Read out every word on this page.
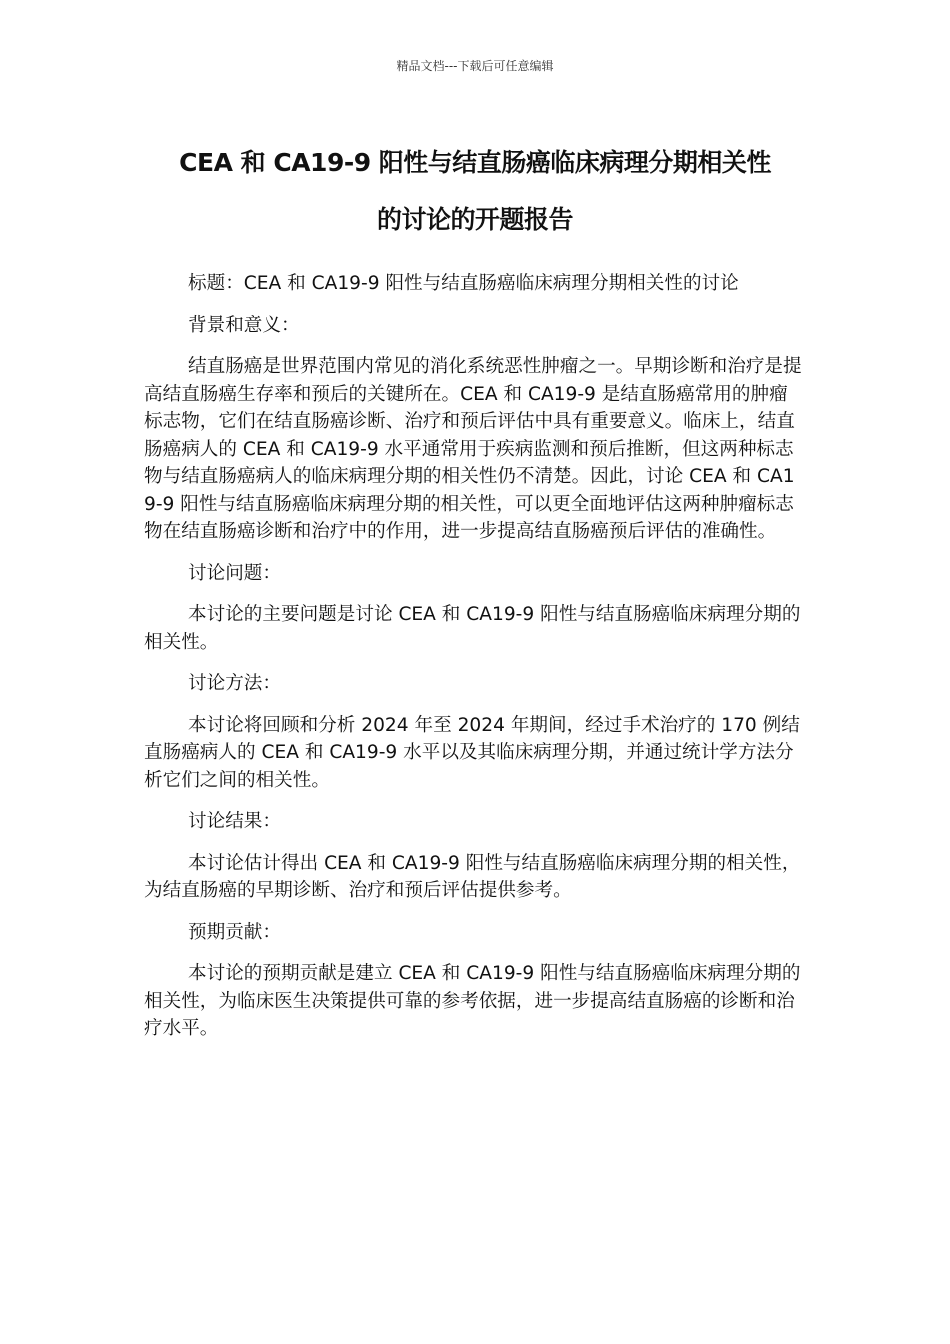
精品文档---下载后可任意编辑
CEA 和 CA19-9 阳性与结直肠癌临床病理分期相关性
的讨论的开题报告

标题：CEA 和 CA19-9 阳性与结直肠癌临床病理分期相关性的讨论

背景和意义：

结直肠癌是世界范围内常见的消化系统恶性肿瘤之一。早期诊断和治疗是提高结直肠癌生存率和预后的关键所在。CEA 和 CA19-9 是结直肠癌常用的肿瘤标志物，它们在结直肠癌诊断、治疗和预后评估中具有重要意义。临床上，结直肠癌病人的 CEA 和 CA19-9 水平通常用于疾病监测和预后推断，但这两种标志物与结直肠癌病人的临床病理分期的相关性仍不清楚。因此，讨论 CEA 和 CA19-9 阳性与结直肠癌临床病理分期的相关性，可以更全面地评估这两种肿瘤标志物在结直肠癌诊断和治疗中的作用，进一步提高结直肠癌预后评估的准确性。

讨论问题：

本讨论的主要问题是讨论 CEA 和 CA19-9 阳性与结直肠癌临床病理分期的相关性。

讨论方法：

本讨论将回顾和分析 2024 年至 2024 年期间，经过手术治疗的 170 例结直肠癌病人的 CEA 和 CA19-9 水平以及其临床病理分期，并通过统计学方法分析它们之间的相关性。

讨论结果：

本讨论估计得出 CEA 和 CA19-9 阳性与结直肠癌临床病理分期的相关性，为结直肠癌的早期诊断、治疗和预后评估提供参考。

预期贡献：

本讨论的预期贡献是建立 CEA 和 CA19-9 阳性与结直肠癌临床病理分期的相关性，为临床医生决策提供可靠的参考依据，进一步提高结直肠癌的诊断和治疗水平。
